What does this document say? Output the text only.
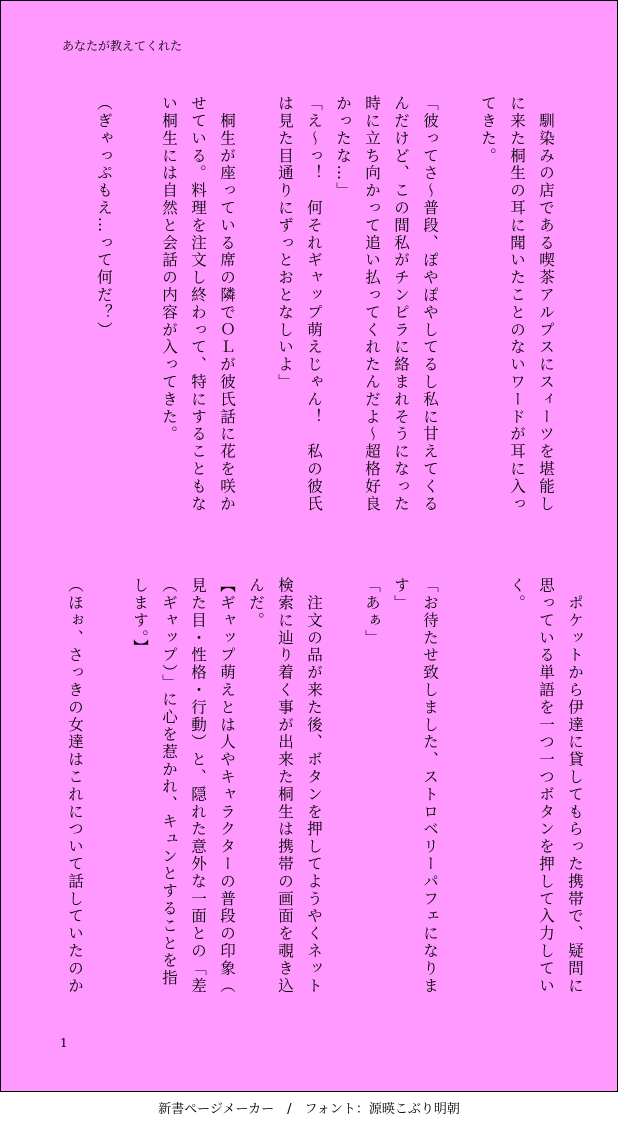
あなたが教えてくれた
　馴染みの店である喫茶アルプスにスィーツを堪能し
に来た桐生の耳に聞いたことのないワードが耳に入っ
てきた。
「彼ってさ〜普段、ぽやぽやしてるし私に甘えてくる
んだけど、この間私がチンピラに絡まれそうになった
時に立ち向かって追い払ってくれたんだよ〜超格好良
かったな…」
「え〜っ！　何それギャップ萌えじゃん！　私の彼氏
は見た目通りにずっとおとなしいよ」
　桐生が座っている席の隣でＯＬが彼氏話に花を咲か
せている。料理を注文し終わって、特にすることもな
い桐生には自然と会話の内容が入ってきた。
（ぎゃっぷもえ…って何だ？）
く。 思っている単語を一つ一つボタンを押して入力してい 　ポケットから伊達に貸してもらった携帯で、疑問に
す」 「お待たせ致しました、ストロベリーパフェになりま
「あぁ」
　注文の品が来た後、ボタンを押してようやくネット
検索に辿り着く事が出来た桐生は携帯の画面を覗き込
んだ。
【ギャップ萌えとは人やキャラクターの普段の印象（
見た目・性格・行動）と、隠れた意外な一面との「差
（ギャップ）」に心を惹かれ、キュンとすることを指
します。】
（ほぉ、さっきの女達はこれについて話していたのか
1
新書ページメーカー　/　フォント：源暎こぶり明朝
